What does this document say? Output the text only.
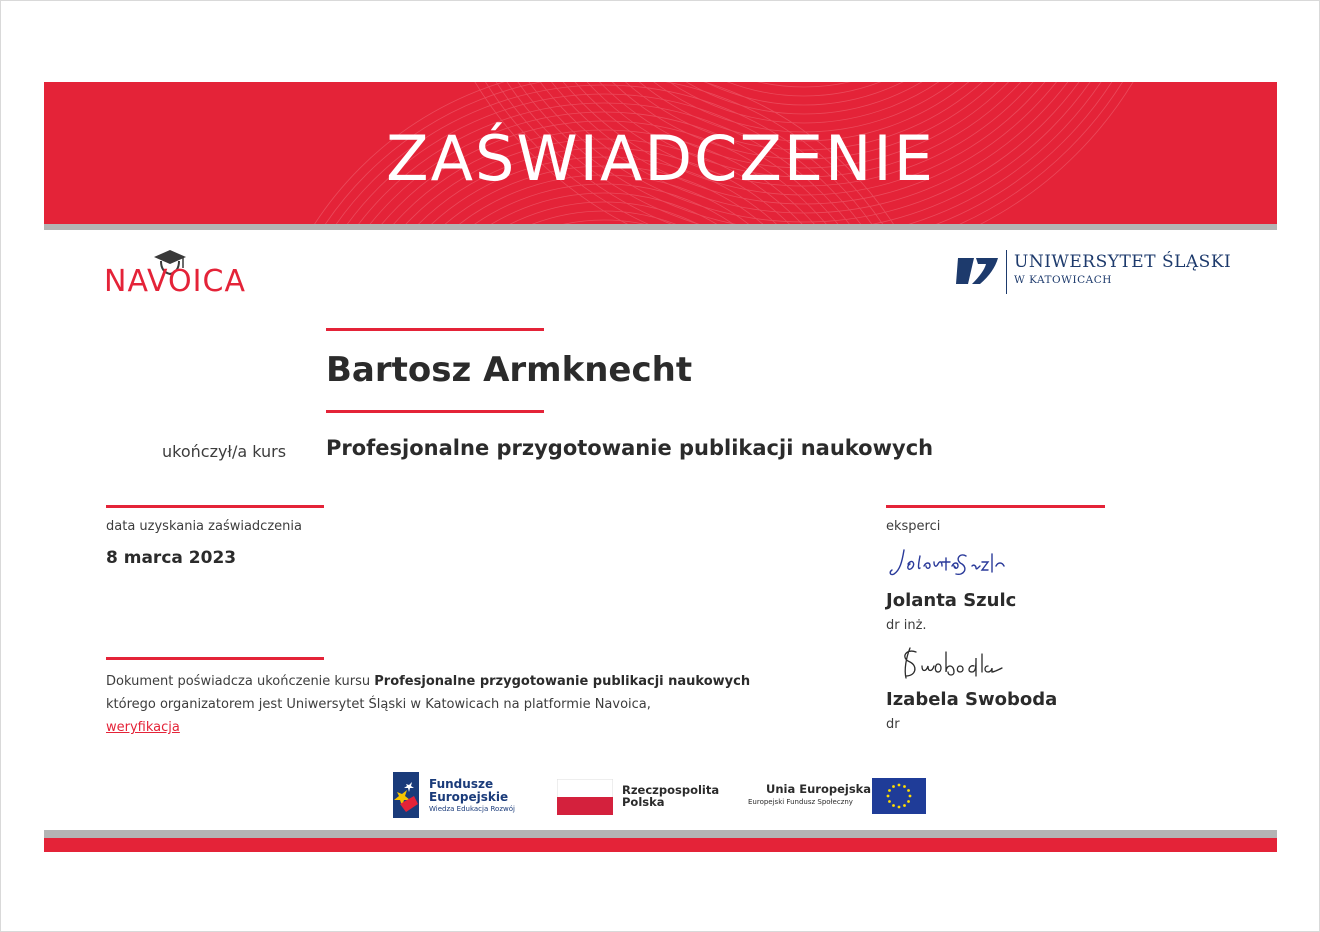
ZAŚWIADCZENIE
NAVOICA
UNIWERSYTET ŚLĄSKI
W KATOWICACH
Bartosz Armknecht
ukończył/a kurs Profesjonalne przygotowanie publikacji naukowych
data uzyskania zaświadczenia
8 marca 2023
eksperci
Jolanta Szulc
dr inż.
Izabela Swoboda
dr
Dokument poświadcza ukończenie kursu Profesjonalne przygotowanie publikacji naukowych
którego organizatorem jest Uniwersytet Śląski w Katowicach na platformie Navoica,
weryfikacja
Fundusze
Europejskie
Wiedza Edukacja Rozwój
Rzeczpospolita
Polska
Unia Europejska
Europejski Fundusz Społeczny
